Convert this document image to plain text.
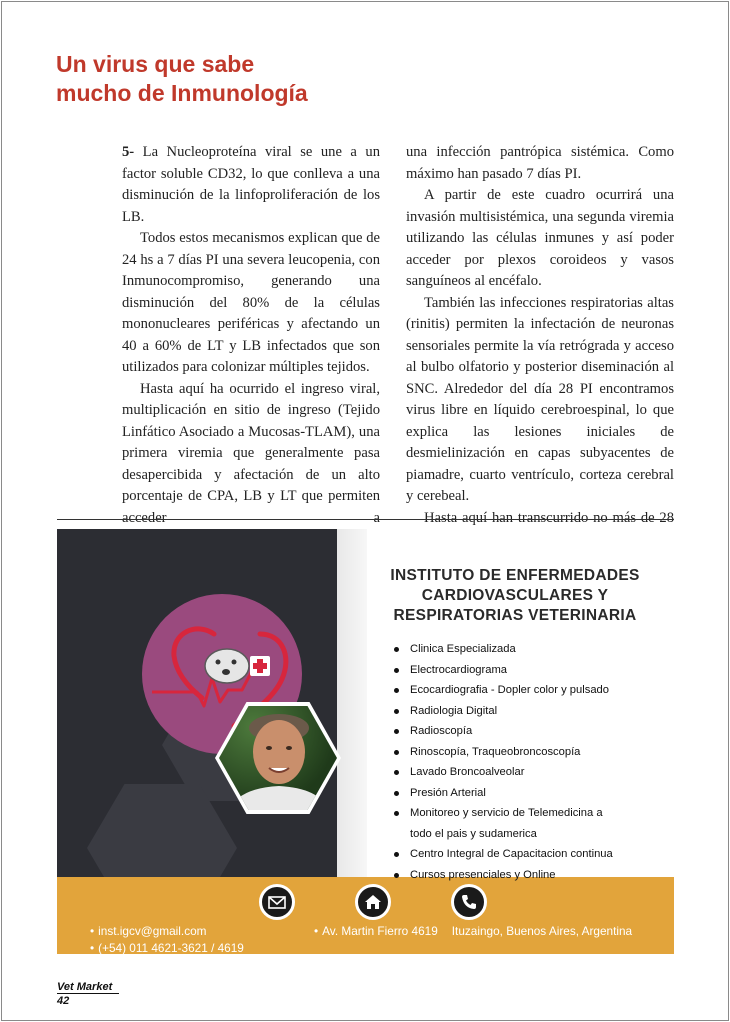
Un virus que sabe
mucho de Inmunología

5- La Nucleoproteína viral se une a un factor soluble CD32, lo que conlleva a una disminución de la linfoproliferación de los LB.

Todos estos mecanismos explican que de 24 hs a 7 días PI una severa leucopenia, con Inmunocompromiso, generando una disminución del 80% de la células mononucleares periféricas y afectando un 40 a 60% de LT y LB infectados que son utilizados para colonizar múltiples tejidos.

Hasta aquí ha ocurrido el ingreso viral, multiplicación en sitio de ingreso (Tejido Linfático Asociado a Mucosas-TLAM), una primera viremia que generalmente pasa desapercibida y afectación de un alto porcentaje de CPA, LB y LT que permiten acceder a

una infección pantrópica sistémica. Como máximo han pasado 7 días PI.

A partir de este cuadro ocurrirá una invasión multisistémica, una segunda viremia utilizando las células inmunes y así poder acceder por plexos coroideos y vasos sanguíneos al encéfalo.

También las infecciones respiratorias altas (rinitis) permiten la infectación de neuronas sensoriales permite la vía retrógrada y acceso al bulbo olfatorio y posterior diseminación al SNC. Alrededor del día 28 PI encontramos virus libre en líquido cerebroespinal, lo que explica las lesiones iniciales de desmielinización en capas subyacentes de piamadre, cuarto ventrículo, corteza cerebral y cerebeal.

Hasta aquí han transcurrido no más de 28

INSTITUTO DE ENFERMEDADES
CARDIOVASCULARES Y
RESPIRATORIAS VETERINARIA
Clinica Especializada
Electrocardiograma
Ecocardiografia - Dopler color y pulsado
Radiologia Digital
Radioscopía
Rinoscopía, Traqueobroncoscopía
Lavado Broncoalveolar
Presión Arterial
Monitoreo y servicio de Telemedicina a
todo el pais y sudamerica
Centro Integral de Capacitacion continua
Cursos presenciales y Online
• inst.igcv@gmail.com
• (+54) 011 4621-3621 / 4619
• Av. Martin Fierro 4619 Ituzaingo, Buenos Aires, Argentina
Vet Market
42
